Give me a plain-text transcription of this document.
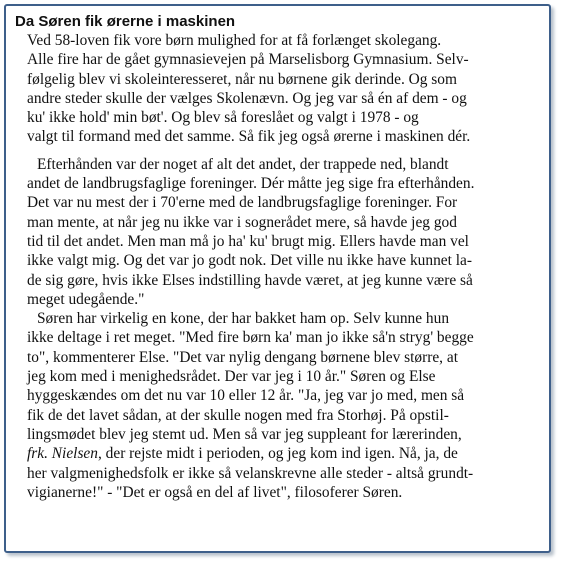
Da Søren fik ørerne i maskinen
Ved 58-loven fik vore børn mulighed for at få forlænget skolegang.
Alle fire har de gået gymnasievejen på Marselisborg Gymnasium. Selv-
følgelig blev vi skoleinteresseret, når nu børnene gik derinde. Og som
andre steder skulle der vælges Skolenævn. Og jeg var så én af dem - og
ku' ikke hold' min bøt'. Og blev så foreslået og valgt i 1978 - og
valgt til formand med det samme. Så fik jeg også ørerne i maskinen dér.
Efterhånden var der noget af alt det andet, der trappede ned, blandt
andet de landbrugsfaglige foreninger. Dér måtte jeg sige fra efterhånden.
Det var nu mest der i 70'erne med de landbrugsfaglige foreninger. For
man mente, at når jeg nu ikke var i sognerådet mere, så havde jeg god
tid til det andet. Men man må jo ha' ku' brugt mig. Ellers havde man vel
ikke valgt mig. Og det var jo godt nok. Det ville nu ikke have kunnet la-
de sig gøre, hvis ikke Elses indstilling havde været, at jeg kunne være så
meget udegående."
Søren har virkelig en kone, der har bakket ham op. Selv kunne hun
ikke deltage i ret meget. "Med fire børn ka' man jo ikke så'n stryg' begge
to", kommenterer Else. "Det var nylig dengang børnene blev større, at
jeg kom med i menighedsrådet. Der var jeg i 10 år." Søren og Else
hyggeskændes om det nu var 10 eller 12 år. "Ja, jeg var jo med, men så
fik de det lavet sådan, at der skulle nogen med fra Storhøj. På opstil-
lingsmødet blev jeg stemt ud. Men så var jeg suppleant for lærerinden,
frk. Nielsen, der rejste midt i perioden, og jeg kom ind igen. Nå, ja, de
her valgmenighedsfolk er ikke så velanskrevne alle steder - altså grundt-
vigianerne!" - "Det er også en del af livet", filosoferer Søren.
